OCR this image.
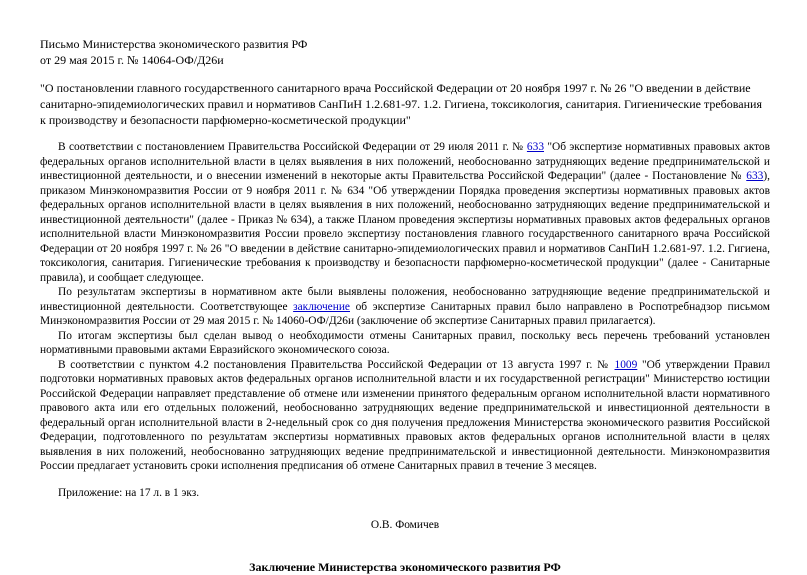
Письмо Министерства экономического развития РФ
от 29 мая 2015 г. № 14064-ОФ/Д26и
"О постановлении главного государственного санитарного врача Российской Федерации от 20 ноября 1997 г. № 26 "О введении в действие санитарно-эпидемиологических правил и нормативов СанПиН 1.2.681-97. 1.2. Гигиена, токсикология, санитария. Гигиенические требования к производству и безопасности парфюмерно-косметической продукции"

В соответствии с постановлением Правительства Российской Федерации от 29 июля 2011 г. № 633 "Об экспертизе нормативных правовых актов федеральных органов исполнительной власти в целях выявления в них положений, необоснованно затрудняющих ведение предпринимательской и инвестиционной деятельности, и о внесении изменений в некоторые акты Правительства Российской Федерации" (далее - Постановление № 633), приказом Минэкономразвития России от 9 ноября 2011 г. № 634 "Об утверждении Порядка проведения экспертизы нормативных правовых актов федеральных органов исполнительной власти в целях выявления в них положений, необоснованно затрудняющих ведение предпринимательской и инвестиционной деятельности" (далее - Приказ № 634), а также Планом проведения экспертизы нормативных правовых актов федеральных органов исполнительной власти Минэкономразвития России провело экспертизу постановления главного государственного санитарного врача Российской Федерации от 20 ноября 1997 г. № 26 "О введении в действие санитарно-эпидемиологических правил и нормативов СанПиН 1.2.681-97. 1.2. Гигиена, токсикология, санитария. Гигиенические требования к производству и безопасности парфюмерно-косметической продукции" (далее - Санитарные правила), и сообщает следующее.

По результатам экспертизы в нормативном акте были выявлены положения, необоснованно затрудняющие ведение предпринимательской и инвестиционной деятельности. Соответствующее заключение об экспертизе Санитарных правил было направлено в Роспотребнадзор письмом Минэкономразвития России от 29 мая 2015 г. № 14060-ОФ/Д26и (заключение об экспертизе Санитарных правил прилагается).

По итогам экспертизы был сделан вывод о необходимости отмены Санитарных правил, поскольку весь перечень требований установлен нормативными правовыми актами Евразийского экономического союза.

В соответствии с пунктом 4.2 постановления Правительства Российской Федерации от 13 августа 1997 г. № 1009 "Об утверждении Правил подготовки нормативных правовых актов федеральных органов исполнительной власти и их государственной регистрации" Министерство юстиции Российской Федерации направляет представление об отмене или изменении принятого федеральным органом исполнительной власти нормативного правового акта или его отдельных положений, необоснованно затрудняющих ведение предпринимательской и инвестиционной деятельности в федеральный орган исполнительной власти в 2-недельный срок со дня получения предложения Министерства экономического развития Российской Федерации, подготовленного по результатам экспертизы нормативных правовых актов федеральных органов исполнительной власти в целях выявления в них положений, необоснованно затрудняющих ведение предпринимательской и инвестиционной деятельности. Минэкономразвития России предлагает установить сроки исполнения предписания об отмене Санитарных правил в течение 3 месяцев.

Приложение: на 17 л. в 1 экз.
О.В. Фомичев
Заключение Министерства экономического развития РФ
